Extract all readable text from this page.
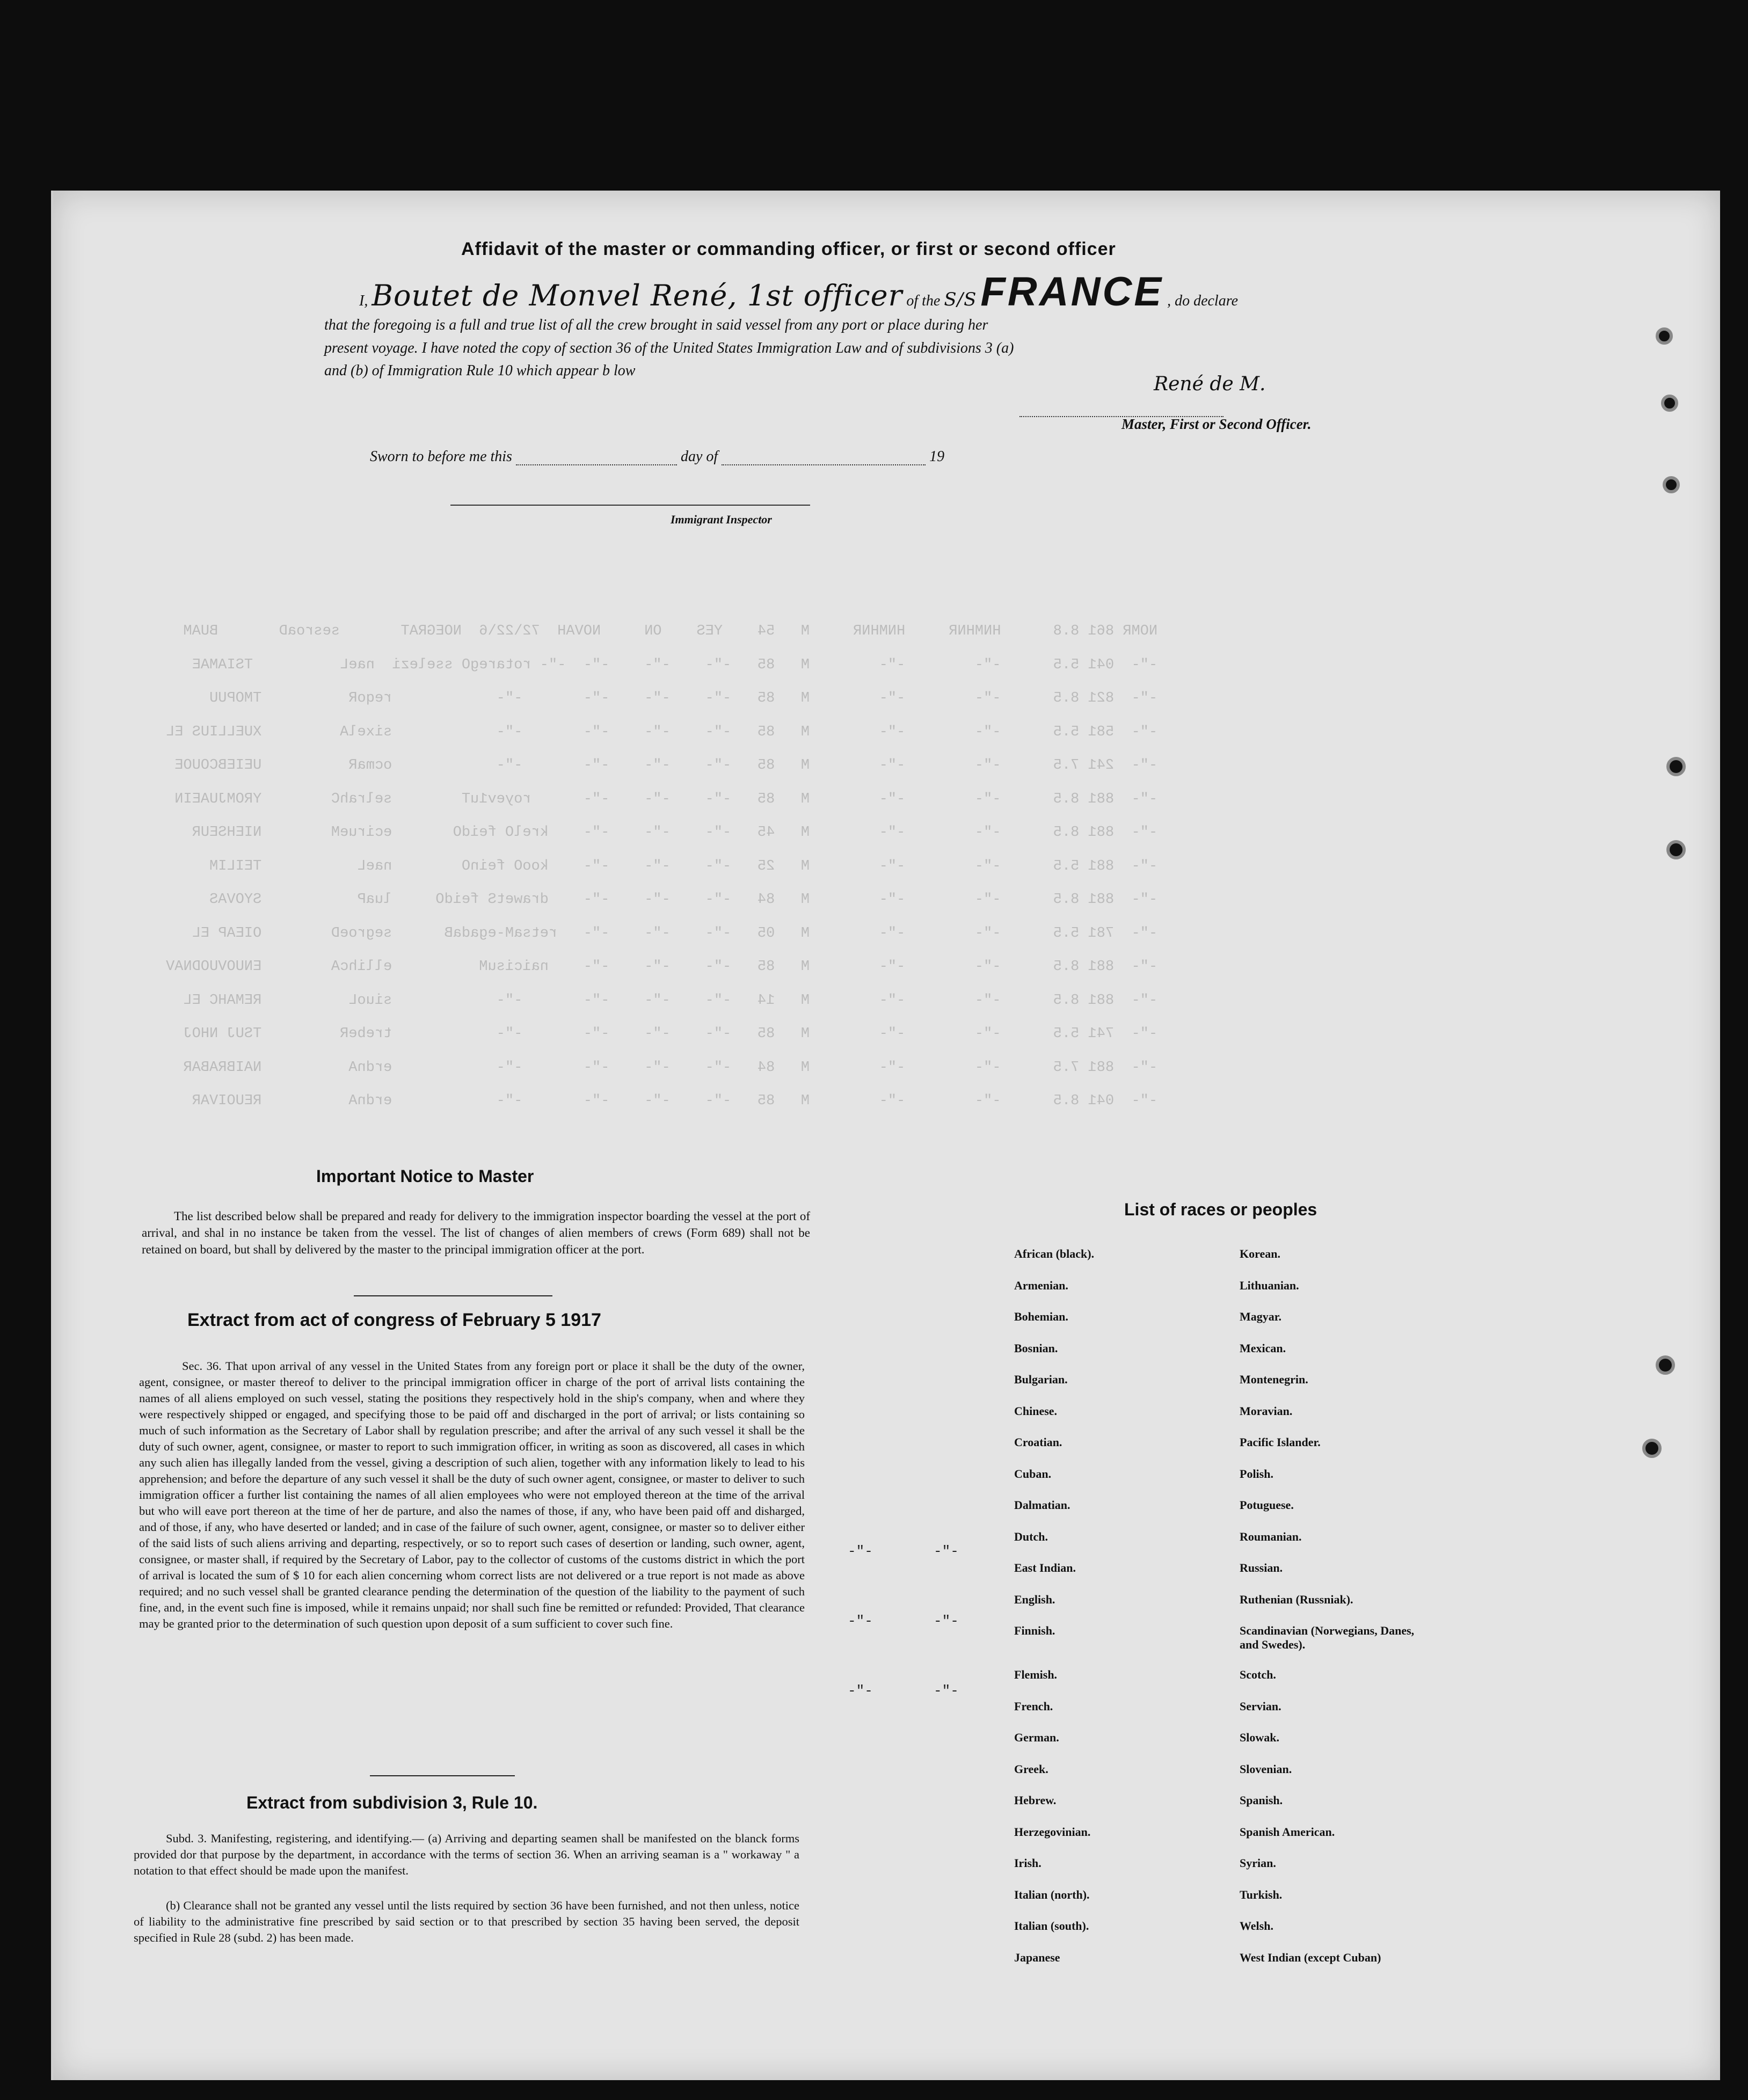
NOMR 861 8.8      HNMHNR     HNMHNR     M   54    YES    ON     NOVAH  72\22\6  NOEGRAT       sesroaD       BUAM
-"-  041 5.5      -"-        -"-        M   85   -"-    -"-    -"-  -"- rotaregO sselezi  naeL          TSIAMAE
-"-  821 8.5      -"-        -"-        M   85   -"-    -"-    -"-       -"-            reqoR          TMOPUU
-"-  581 5.5      -"-        -"-        M   85   -"-    -"-    -"-       -"-            sixelA         XUELLIUS EL
-"-  241 7.5      -"-        -"-        M   85   -"-    -"-    -"-       -"-            ocmaR          UEIEBCOUOE
-"-  881 8.5      -"-        -"-        M   85   -"-    -"-    -"-      royev1uT        selrahC        YROMJUAEIN
-"-  881 8.5      -"-        -"-        M   45   -"-    -"-    -"-    krelO feidO       ecirueM        NIEHSEUR
-"-  881 5.5      -"-        -"-        M   25   -"-    -"-    -"-    kooO feinO        naeL           TEILIM
-"-  881 8.5      -"-        -"-        M   84   -"-    -"-    -"-    drawetS feidO     luaP           SYOVAS
-"-  781 5.5      -"-        -"-        M   05   -"-    -"-    -"-   retsaM-egadaB      segroeD        OIEAP EL
-"-  881 8.5      -"-        -"-        M   85   -"-    -"-    -"-    naicisuM          ellihcA        ENUOVUODNAV
-"-  881 8.5      -"-        -"-        M   14   -"-    -"-    -"-       -"-            siuoL          REMAHC EL
-"-  741 5.5      -"-        -"-        M   85   -"-    -"-    -"-       -"-            trebeR         TSUJ NHOJ
-"-  881 7.5      -"-        -"-        M   84   -"-    -"-    -"-       -"-            erdnA          NAIBRABAR
-"-  041 8.5      -"-        -"-        M   85   -"-    -"-    -"-       -"-            erdnA          REUOIVAR
Affidavit of the master or commanding officer, or first or second officer
I, Boutet de Monvel René, 1st officer of the S/S FRANCE , do declare
that the foregoing is a full and true list of all the crew brought in said vessel from any port or place during her
present voyage. I have noted the copy of section 36 of the United States Immigration Law and of subdivisions 3 (a)
and (b) of Immigration Rule 10 which appear b low
René de M.
Master, First or Second Officer.
Sworn to before me this	day of	19
Immigrant Inspector
-"-
-"-
-"-
-"-
-"-
-"-
Important Notice to Master
The list described below shall be prepared and ready for delivery to the immigration inspector boarding the vessel at the port of arrival, and shal in no instance be taken from the vessel. The list of changes of alien members of crews (Form 689) shall not be retained on board, but shall by delivered by the master to the principal immigration officer at the port.
Extract from act of congress of February 5 1917
Sec. 36. That upon arrival of any vessel in the United States from any foreign port or place it shall be the duty of the owner, agent, consignee, or master thereof to deliver to the principal immigration officer in charge of the port of arrival lists containing the names of all aliens employed on such vessel, stating the positions they respectively hold in the ship's company, when and where they were respectively shipped or engaged, and specifying those to be paid off and discharged in the port of arrival; or lists containing so much of such information as the Secretary of Labor shall by regulation prescribe; and after the arrival of any such vessel it shall be the duty of such owner, agent, consignee, or master to report to such immigration officer, in writing as soon as discovered, all cases in which any such alien has illegally landed from the vessel, giving a description of such alien, together with any information likely to lead to his apprehension; and before the departure of any such vessel it shall be the duty of such owner agent, consignee, or master to deliver to such immigration officer a further list containing the names of all alien employees who were not employed thereon at the time of the arrival but who will eave port thereon at the time of her de parture, and also the names of those, if any, who have been paid off and disharged, and of those, if any, who have deserted or landed; and in case of the failure of such owner, agent, consignee, or master so to deliver either of the said lists of such aliens arriving and departing, respectively, or so to report such cases of desertion or landing, such owner, agent, consignee, or master shall, if required by the Secretary of Labor, pay to the collector of customs of the customs district in which the port of arrival is located the sum of $ 10 for each alien concerning whom correct lists are not delivered or a true report is not made as above required; and no such vessel shall be granted clearance pending the determination of the question of the liability to the payment of such fine, and, in the event such fine is imposed, while it remains unpaid; nor shall such fine be remitted or refunded: Provided, That clearance may be granted prior to the determination of such question upon deposit of a sum sufficient to cover such fine.
Extract from subdivision 3, Rule 10.
Subd. 3. Manifesting, registering, and identifying.— (a) Arriving and departing seamen shall be manifested on the blanck forms provided dor that purpose by the department, in accordance with the terms of section 36. When an arriving seaman is a " workaway " a notation to that effect should be made upon the manifest.
(b) Clearance shall not be granted any vessel until the lists required by section 36 have been furnished, and not then unless, notice of liability to the administrative fine prescribed by said section or to that prescribed by section 35 having been served, the deposit specified in Rule 28 (subd. 2) has been made.
List of races or peoples
African (black).
Armenian.
Bohemian.
Bosnian.
Bulgarian.
Chinese.
Croatian.
Cuban.
Dalmatian.
Dutch.
East Indian.
English.
Finnish.
Flemish.
French.
German.
Greek.
Hebrew.
Herzegovinian.
Irish.
Italian (north).
Italian (south).
Japanese
Korean.
Lithuanian.
Magyar.
Mexican.
Montenegrin.
Moravian.
Pacific Islander.
Polish.
Potuguese.
Roumanian.
Russian.
Ruthenian (Russniak).
Scandinavian (Norwegians, Danes, and Swedes).
Scotch.
Servian.
Slowak.
Slovenian.
Spanish.
Spanish American.
Syrian.
Turkish.
Welsh.
West Indian (except Cuban)
